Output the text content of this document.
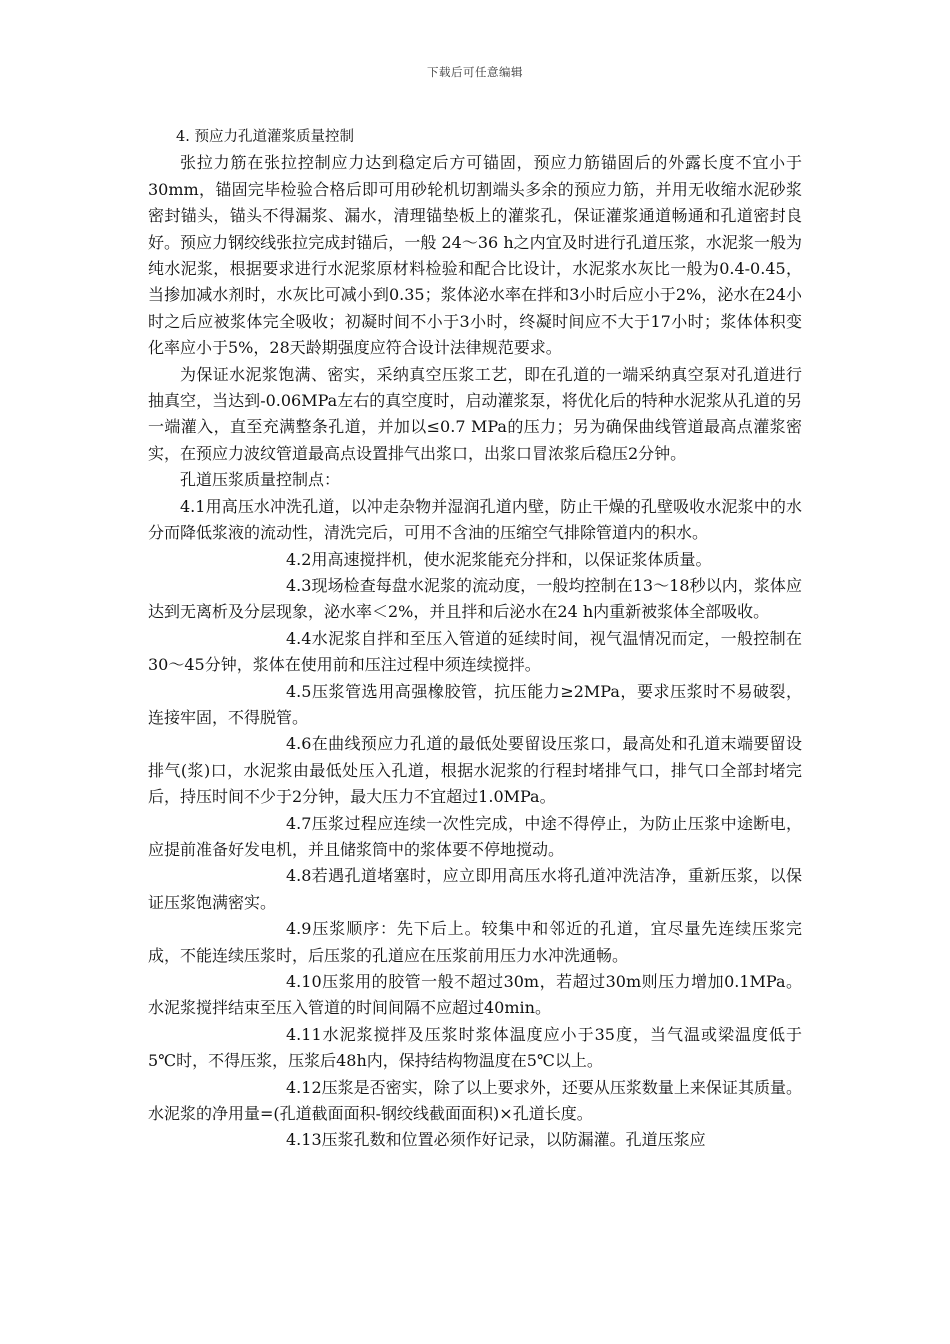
下载后可任意编辑
4. 预应力孔道灌浆质量控制

张拉力筋在张拉控制应力达到稳定后方可锚固，预应力筋锚固后的外露长度不宜小于30mm，锚固完毕检验合格后即可用砂轮机切割端头多余的预应力筋，并用无收缩水泥砂浆密封锚头，锚头不得漏浆、漏水，清理锚垫板上的灌浆孔，保证灌浆通道畅通和孔道密封良好。预应力钢绞线张拉完成封锚后，一般 24～36 h之内宜及时进行孔道压浆，水泥浆一般为纯水泥浆，根据要求进行水泥浆原材料检验和配合比设计，水泥浆水灰比一般为0.4-0.45，当掺加减水剂时，水灰比可减小到0.35；浆体泌水率在拌和3小时后应小于2%，泌水在24小时之后应被浆体完全吸收；初凝时间不小于3小时，终凝时间应不大于17小时；浆体体积变化率应小于5%，28天龄期强度应符合设计法律规范要求。

为保证水泥浆饱满、密实，采纳真空压浆工艺，即在孔道的一端采纳真空泵对孔道进行抽真空，当达到-0.06MPa左右的真空度时，启动灌浆泵，将优化后的特种水泥浆从孔道的另一端灌入，直至充满整条孔道，并加以≤0.7 MPa的压力；另为确保曲线管道最高点灌浆密实，在预应力波纹管道最高点设置排气出浆口，出浆口冒浓浆后稳压2分钟。

孔道压浆质量控制点：

4.1用高压水冲洗孔道，以冲走杂物并湿润孔道内壁，防止干燥的孔壁吸收水泥浆中的水分而降低浆液的流动性，清洗完后，可用不含油的压缩空气排除管道内的积水。

4.2用高速搅拌机，使水泥浆能充分拌和，以保证浆体质量。

4.3现场检查每盘水泥浆的流动度，一般均控制在13～18秒以内，浆体应达到无离析及分层现象，泌水率＜2%，并且拌和后泌水在24 h内重新被浆体全部吸收。

4.4水泥浆自拌和至压入管道的延续时间，视气温情况而定，一般控制在30～45分钟，浆体在使用前和压注过程中须连续搅拌。

4.5压浆管选用高强橡胶管，抗压能力≥2MPa，要求压浆时不易破裂，连接牢固，不得脱管。

4.6在曲线预应力孔道的最低处要留设压浆口，最高处和孔道末端要留设排气(浆)口，水泥浆由最低处压入孔道，根据水泥浆的行程封堵排气口，排气口全部封堵完后，持压时间不少于2分钟，最大压力不宜超过1.0MPa。

4.7压浆过程应连续一次性完成，中途不得停止，为防止压浆中途断电，应提前准备好发电机，并且储浆筒中的浆体要不停地搅动。

4.8若遇孔道堵塞时，应立即用高压水将孔道冲洗洁净，重新压浆，以保证压浆饱满密实。

4.9压浆顺序：先下后上。较集中和邻近的孔道，宜尽量先连续压浆完成，不能连续压浆时，后压浆的孔道应在压浆前用压力水冲洗通畅。

4.10压浆用的胶管一般不超过30m，若超过30m则压力增加0.1MPa。水泥浆搅拌结束至压入管道的时间间隔不应超过40min。

4.11水泥浆搅拌及压浆时浆体温度应小于35度，当气温或梁温度低于5℃时，不得压浆，压浆后48h内，保持结构物温度在5℃以上。

4.12压浆是否密实，除了以上要求外，还要从压浆数量上来保证其质量。水泥浆的净用量=(孔道截面面积-钢绞线截面面积)×孔道长度。

4.13压浆孔数和位置必须作好记录，以防漏灌。孔道压浆应
